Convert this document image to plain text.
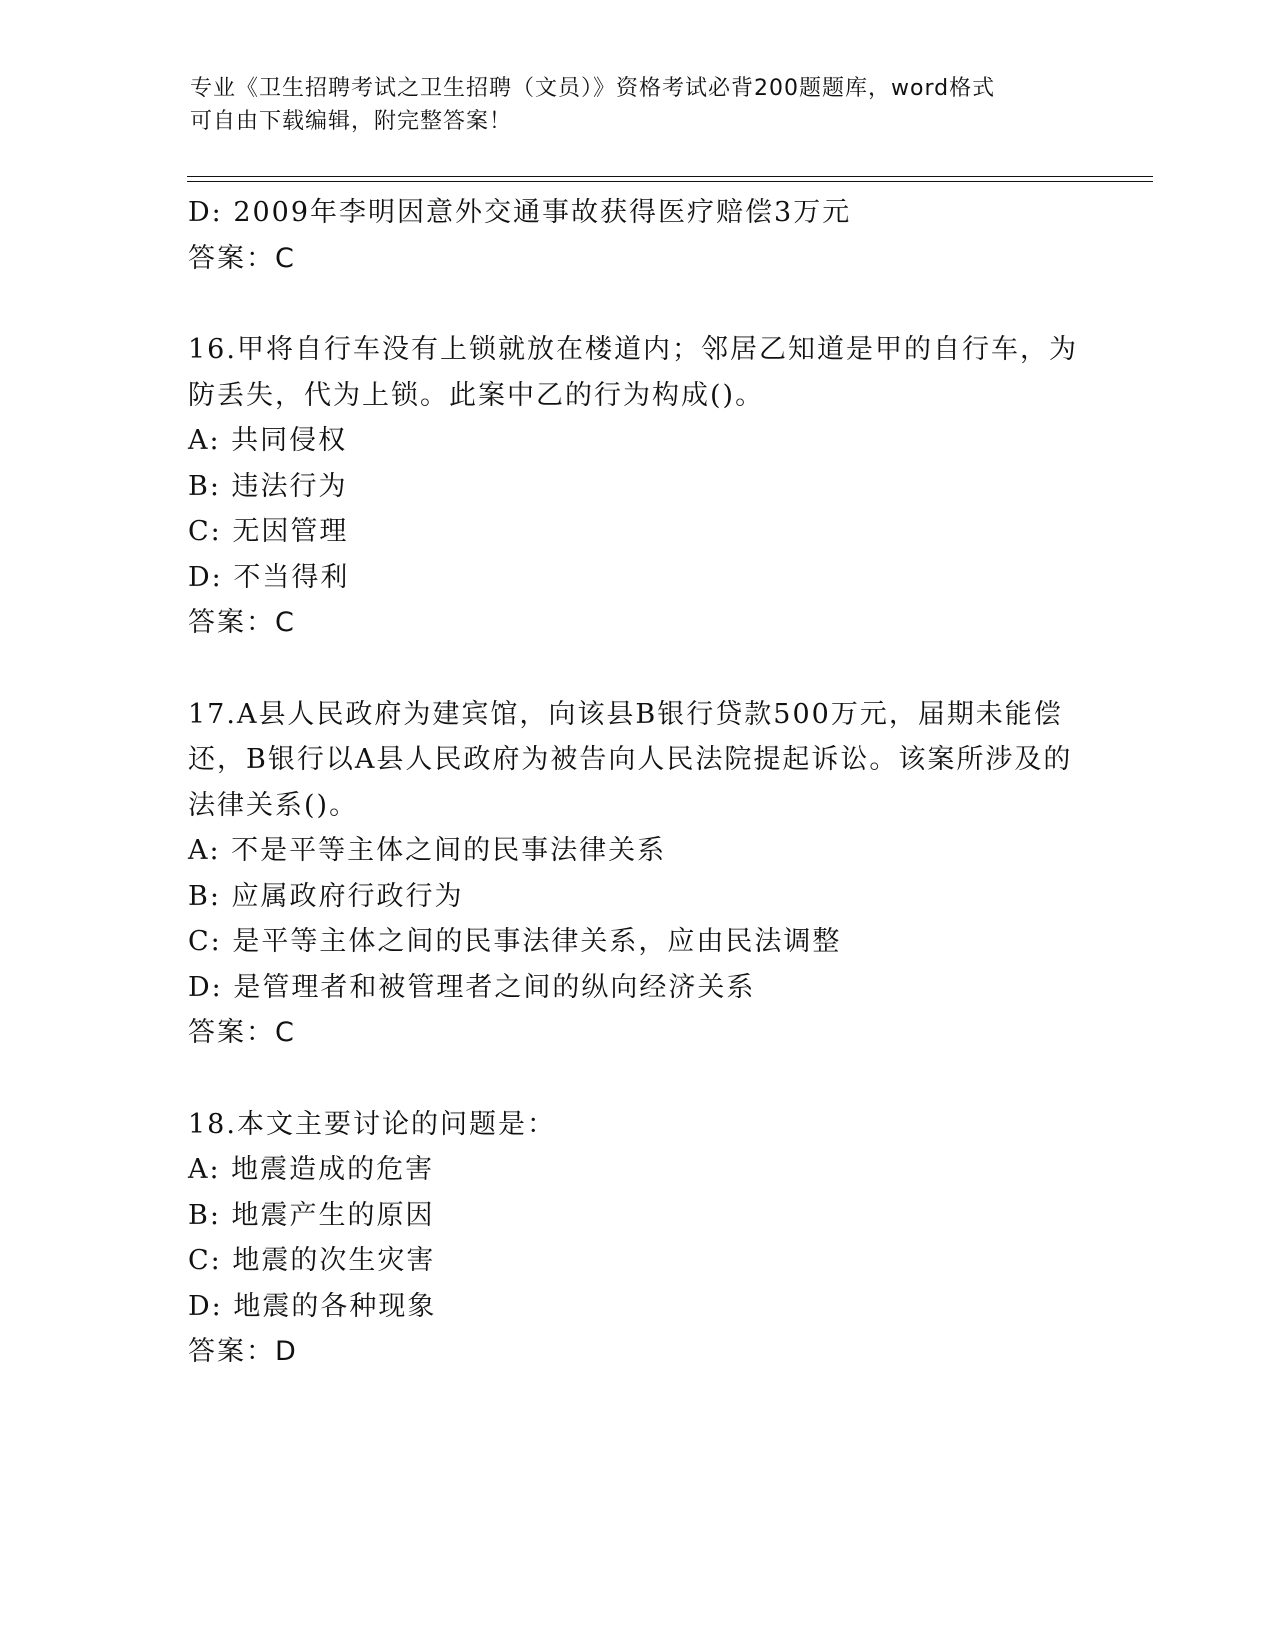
专业《卫生招聘考试之卫生招聘（文员）》资格考试必背200题题库，word格式
可自由下载编辑，附完整答案！
D: 2009年李明因意外交通事故获得医疗赔偿3万元
答案：C
16.甲将自行车没有上锁就放在楼道内；邻居乙知道是甲的自行车，为
防丢失，代为上锁。此案中乙的行为构成()。
A: 共同侵权
B: 违法行为
C: 无因管理
D: 不当得利
答案：C
17.A县人民政府为建宾馆，向该县B银行贷款500万元，届期未能偿
还，B银行以A县人民政府为被告向人民法院提起诉讼。该案所涉及的
法律关系()。
A: 不是平等主体之间的民事法律关系
B: 应属政府行政行为
C: 是平等主体之间的民事法律关系，应由民法调整
D: 是管理者和被管理者之间的纵向经济关系
答案：C
18.本文主要讨论的问题是：
A: 地震造成的危害
B: 地震产生的原因
C: 地震的次生灾害
D: 地震的各种现象
答案：D
